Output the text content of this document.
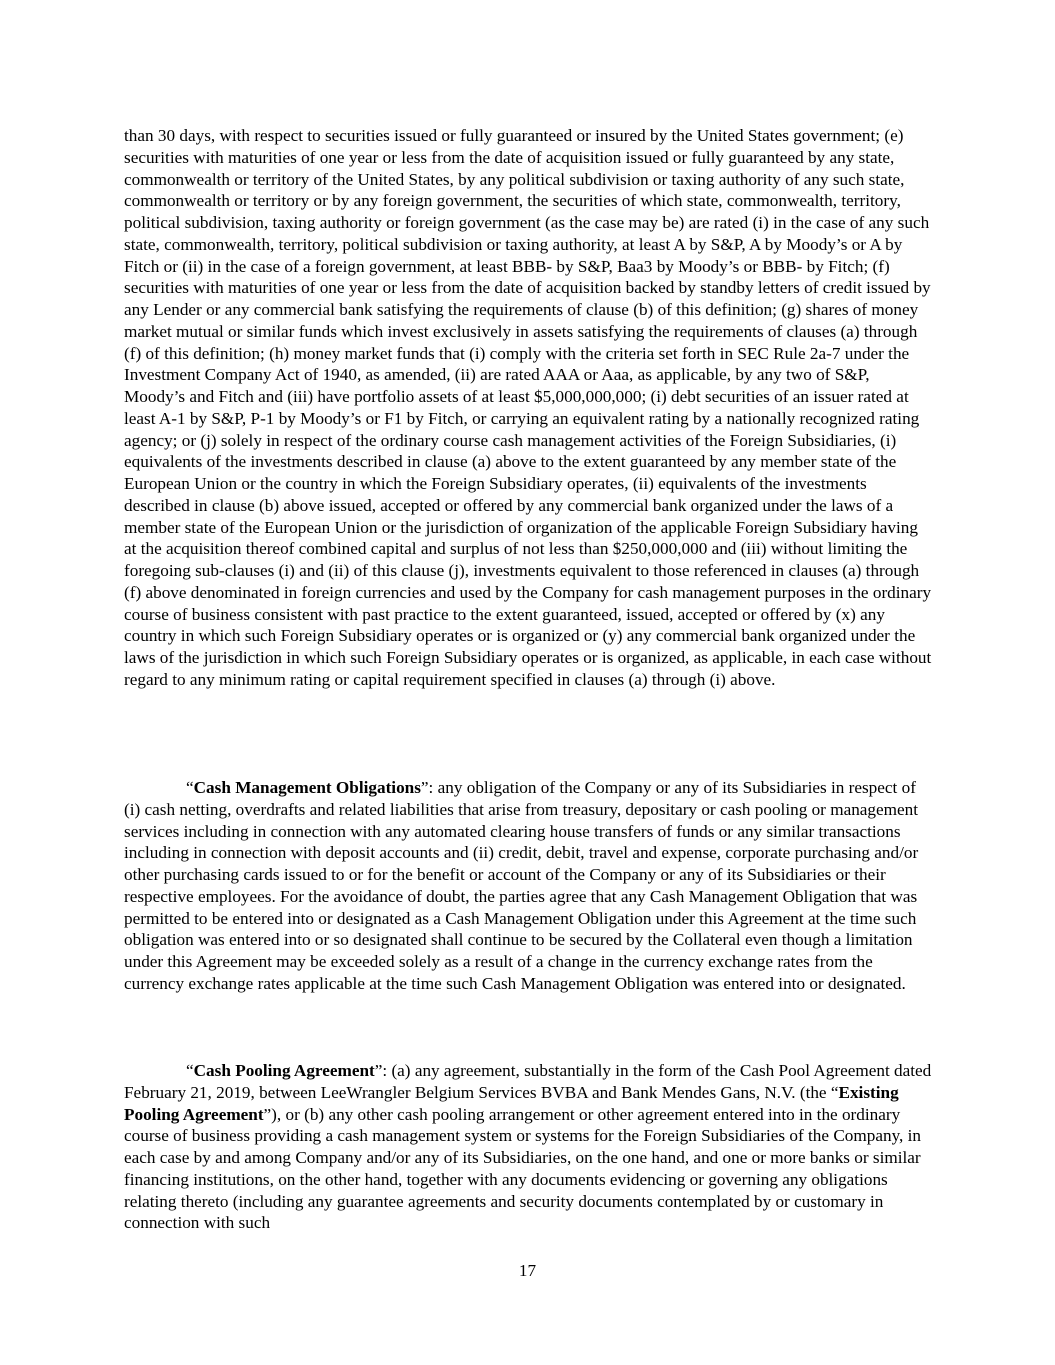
than 30 days, with respect to securities issued or fully guaranteed or insured by the United States government; (e) securities with maturities of one year or less from the date of acquisition issued or fully guaranteed by any state, commonwealth or territory of the United States, by any political subdivision or taxing authority of any such state, commonwealth or territory or by any foreign government, the securities of which state, commonwealth, territory, political subdivision, taxing authority or foreign government (as the case may be) are rated (i) in the case of any such state, commonwealth, territory, political subdivision or taxing authority, at least A by S&P, A by Moody’s or A by Fitch or (ii) in the case of a foreign government, at least BBB- by S&P, Baa3 by Moody’s or BBB- by Fitch; (f) securities with maturities of one year or less from the date of acquisition backed by standby letters of credit issued by any Lender or any commercial bank satisfying the requirements of clause (b) of this definition; (g) shares of money market mutual or similar funds which invest exclusively in assets satisfying the requirements of clauses (a) through (f) of this definition; (h) money market funds that (i) comply with the criteria set forth in SEC Rule 2a-7 under the Investment Company Act of 1940, as amended, (ii) are rated AAA or Aaa, as applicable, by any two of S&P, Moody’s and Fitch and (iii) have portfolio assets of at least $5,000,000,000; (i) debt securities of an issuer rated at least A-1 by S&P, P-1 by Moody’s or F1 by Fitch, or carrying an equivalent rating by a nationally recognized rating agency; or (j) solely in respect of the ordinary course cash management activities of the Foreign Subsidiaries, (i) equivalents of the investments described in clause (a) above to the extent guaranteed by any member state of the European Union or the country in which the Foreign Subsidiary operates, (ii) equivalents of the investments described in clause (b) above issued, accepted or offered by any commercial bank organized under the laws of a member state of the European Union or the jurisdiction of organization of the applicable Foreign Subsidiary having at the acquisition thereof combined capital and surplus of not less than $250,000,000 and (iii) without limiting the foregoing sub-clauses (i) and (ii) of this clause (j), investments equivalent to those referenced in clauses (a) through (f) above denominated in foreign currencies and used by the Company for cash management purposes in the ordinary course of business consistent with past practice to the extent guaranteed, issued, accepted or offered by (x) any country in which such Foreign Subsidiary operates or is organized or (y) any commercial bank organized under the laws of the jurisdiction in which such Foreign Subsidiary operates or is organized, as applicable, in each case without regard to any minimum rating or capital requirement specified in clauses (a) through (i) above.

“Cash Management Obligations”: any obligation of the Company or any of its Subsidiaries in respect of (i) cash netting, overdrafts and related liabilities that arise from treasury, depositary or cash pooling or management services including in connection with any automated clearing house transfers of funds or any similar transactions including in connection with deposit accounts and (ii) credit, debit, travel and expense, corporate purchasing and/or other purchasing cards issued to or for the benefit or account of the Company or any of its Subsidiaries or their respective employees. For the avoidance of doubt, the parties agree that any Cash Management Obligation that was permitted to be entered into or designated as a Cash Management Obligation under this Agreement at the time such obligation was entered into or so designated shall continue to be secured by the Collateral even though a limitation under this Agreement may be exceeded solely as a result of a change in the currency exchange rates from the currency exchange rates applicable at the time such Cash Management Obligation was entered into or designated.

“Cash Pooling Agreement”: (a) any agreement, substantially in the form of the Cash Pool Agreement dated February 21, 2019, between LeeWrangler Belgium Services BVBA and Bank Mendes Gans, N.V. (the “Existing Pooling Agreement”), or (b) any other cash pooling arrangement or other agreement entered into in the ordinary course of business providing a cash management system or systems for the Foreign Subsidiaries of the Company, in each case by and among Company and/or any of its Subsidiaries, on the one hand, and one or more banks or similar financing institutions, on the other hand, together with any documents evidencing or governing any obligations relating thereto (including any guarantee agreements and security documents contemplated by or customary in connection with such

17
